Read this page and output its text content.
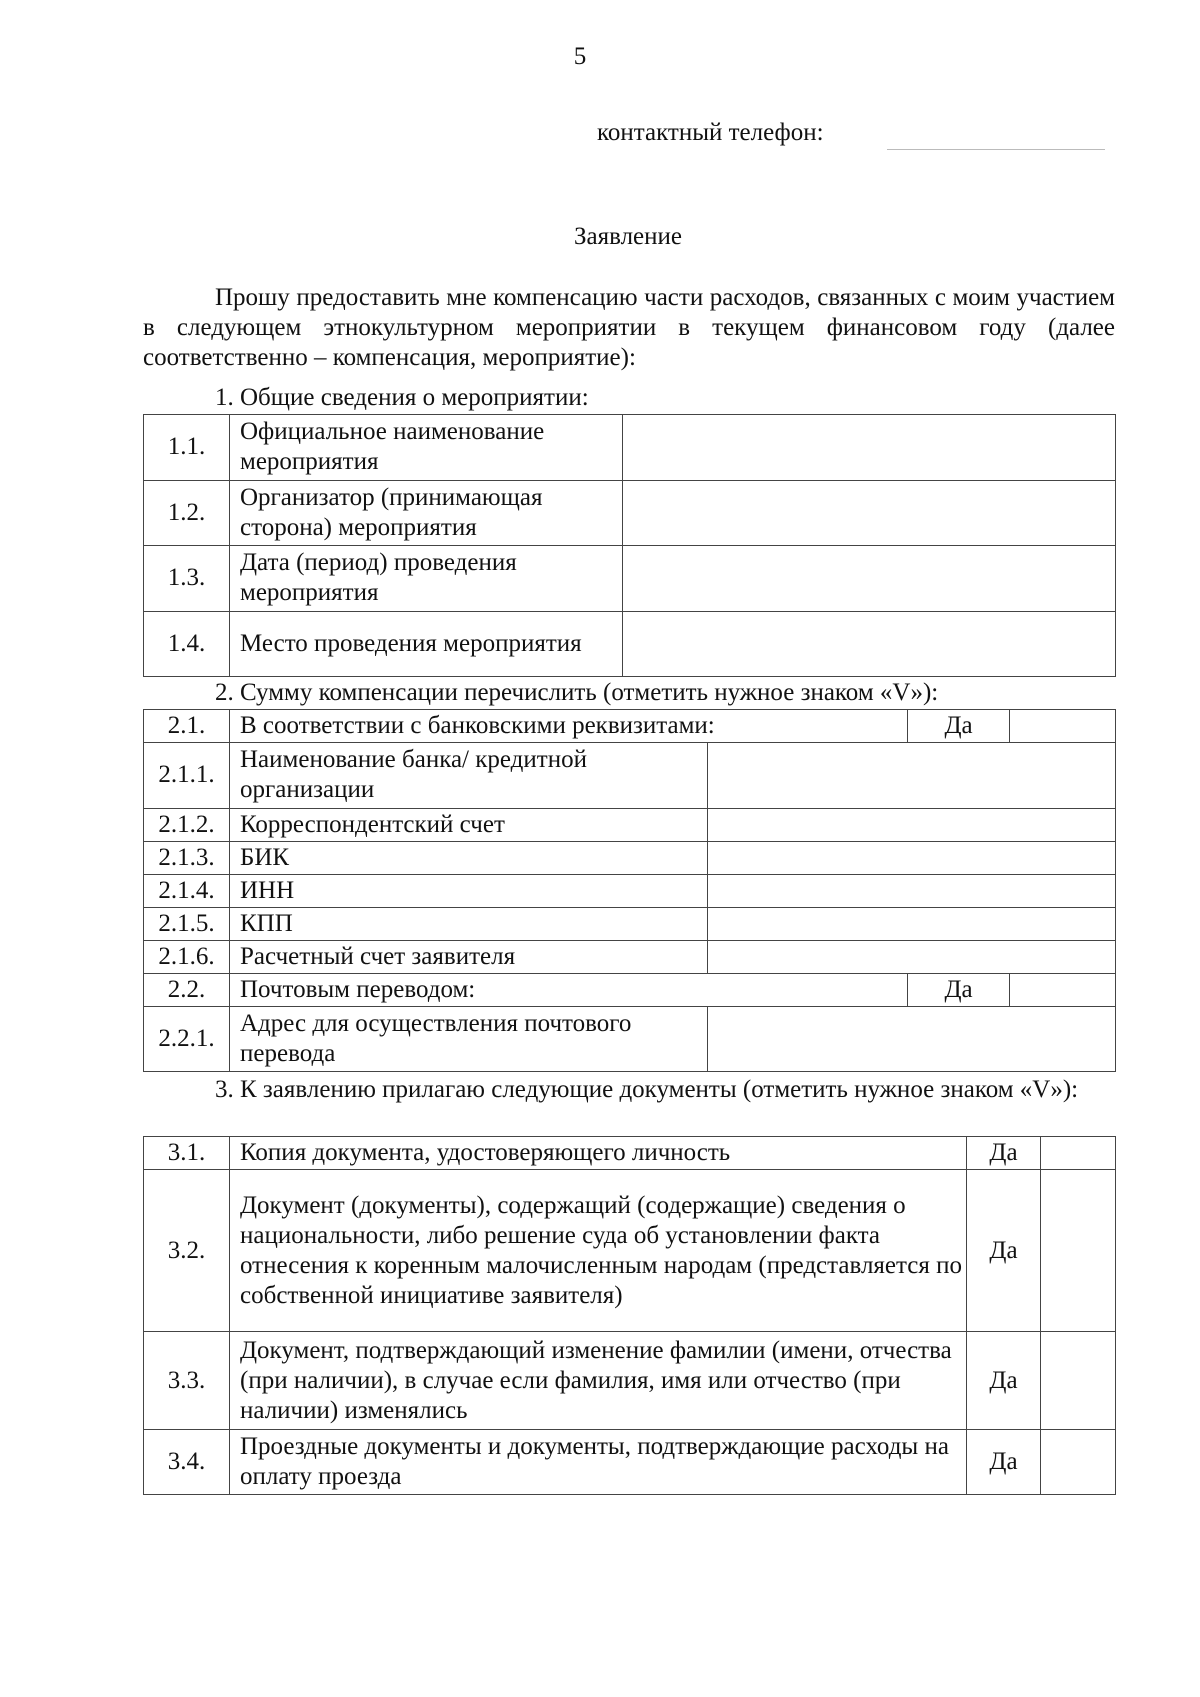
5
контактный телефон:
Заявление

Прошу предоставить мне компенсацию части расходов, связанных с моим участием в следующем этнокультурном мероприятии в текущем финансовом году (далее соответственно – компенсация, мероприятие):

1. Общие сведения о мероприятии:
1.1.	Официальное наименование мероприятия	
1.2.	Организатор (принимающая сторона) мероприятия	
1.3.	Дата (период) проведения мероприятия	
1.4.	Место проведения мероприятия	
2. Сумму компенсации перечислить (отметить нужное знаком «V»):
2.1.	В соответствии с банковскими реквизитами:		Да	
2.1.1.	Наименование банка/ кредитной организации			
2.1.2.	Корреспондентский счет			
2.1.3.	БИК			
2.1.4.	ИНН			
2.1.5.	КПП			
2.1.6.	Расчетный счет заявителя			
2.2.	Почтовым переводом:		Да	
2.2.1.	Адрес для осуществления почтового перевода			

3. К заявлению прилагаю следующие документы (отметить нужное знаком «V»):

3.1.	Копия документа, удостоверяющего личность	Да	
3.2.	Документ (документы), содержащий (содержащие) сведения о национальности, либо решение суда об установлении факта отнесения к коренным малочисленным народам (представляется по собственной инициативе заявителя)	Да	
3.3.	Документ, подтверждающий изменение фамилии (имени, отчества (при наличии), в случае если фамилия, имя или отчество (при наличии) изменялись	Да	
3.4.	Проездные документы и документы, подтверждающие расходы на оплату проезда	Да	
